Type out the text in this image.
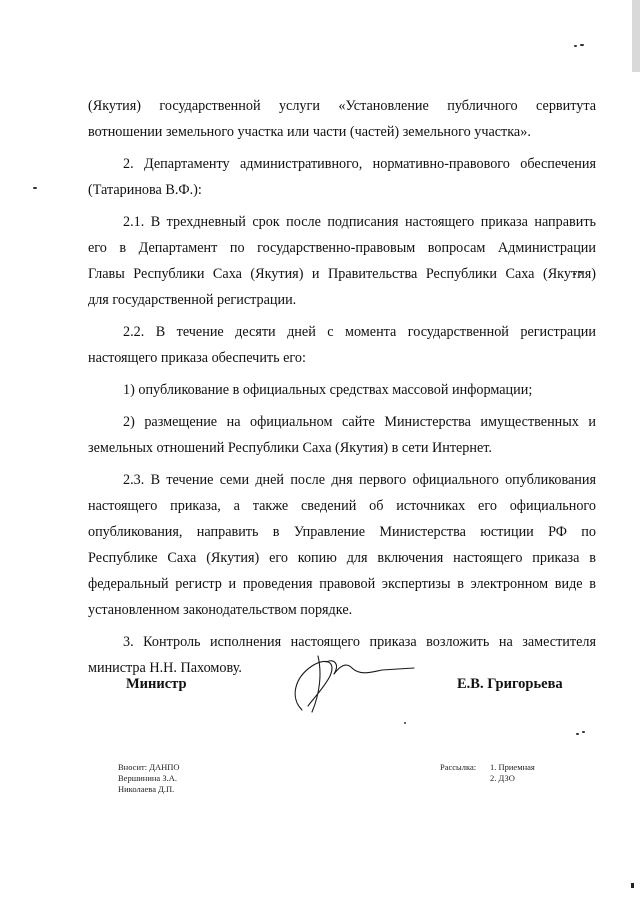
(Якутия) государственной услуги «Установление публичного сервитута
вотношении земельного участка или части (частей) земельного участка».

2. Департаменту административного, нормативно-правового обеспечения
(Татаринова В.Ф.):

2.1. В трехдневный срок после подписания настоящего приказа направить
его в Департамент по государственно-правовым вопросам Администрации
Главы Республики Саха (Якутия) и Правительства Республики Саха (Якутия)
для государственной регистрации.

2.2. В течение десяти дней с момента государственной регистрации
настоящего приказа обеспечить его:

1) опубликование в официальных средствах массовой информации;

2) размещение на официальном сайте Министерства имущественных и
земельных отношений Республики Саха (Якутия) в сети Интернет.

2.3. В течение семи дней после дня первого официального опубликования
настоящего приказа, а также сведений об источниках его официального
опубликования, направить в Управление Министерства юстиции РФ по
Республике Саха (Якутия) его копию для включения настоящего приказа в
федеральный регистр и проведения правовой экспертизы в электронном виде в
установленном законодательством порядке.

3. Контроль исполнения настоящего приказа возложить на заместителя
министра Н.Н. Пахомову.

Министр	Е.В. Григорьева
Вносит: ДАНПО
Вершинина З.А.
Николаева Д.П.
Рассылка:	1. Приемная
2. ДЗО
